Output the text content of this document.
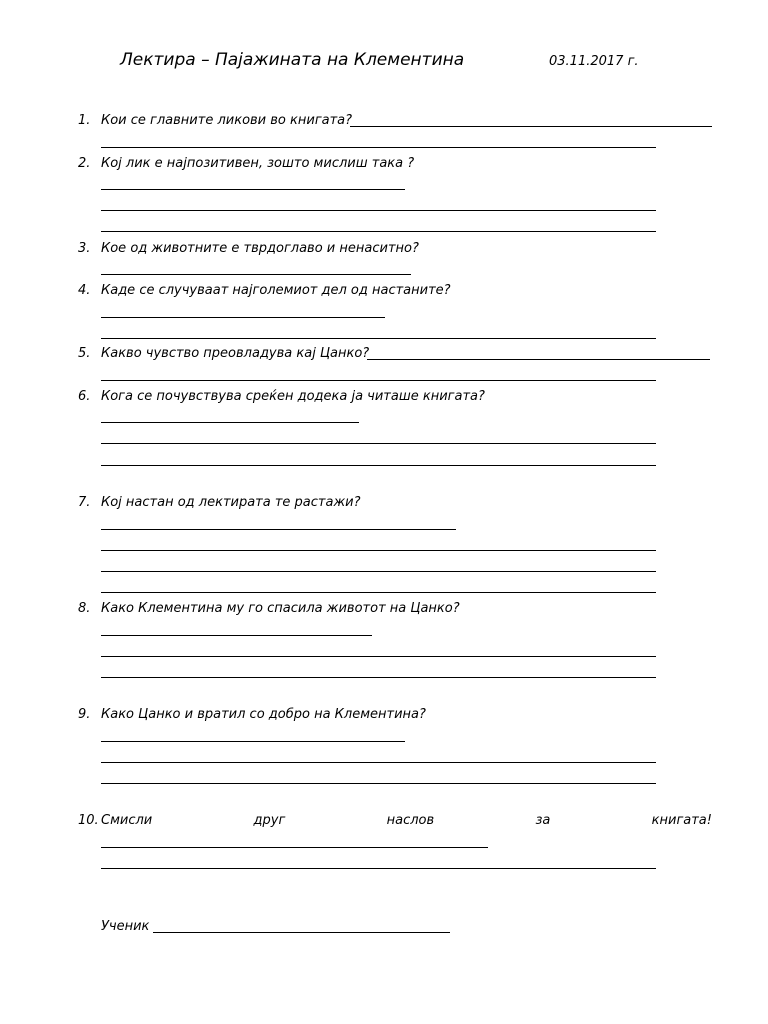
Лектира – Пајажината на Клементина	03.11.2017 г.
1. Кои се главните ликови во книгата?
2. Кој лик е најпозитивен, зошто мислиш така ?
3. Кое од животните е тврдоглаво и ненаситно?
4. Каде се случуваат најголемиот дел од настаните?
5. Какво чувство преовладува кај Цанко?
6. Кога се почувствува среќен додека ја читаше книгата?
7. Кој настан од лектирата те растажи?
8. Како Клементина му го спасила животот на Цанко?
9. Како Цанко и вратил со добро на Клементина?
10. Смисли	друг	наслов	за	книгата!
Ученик
